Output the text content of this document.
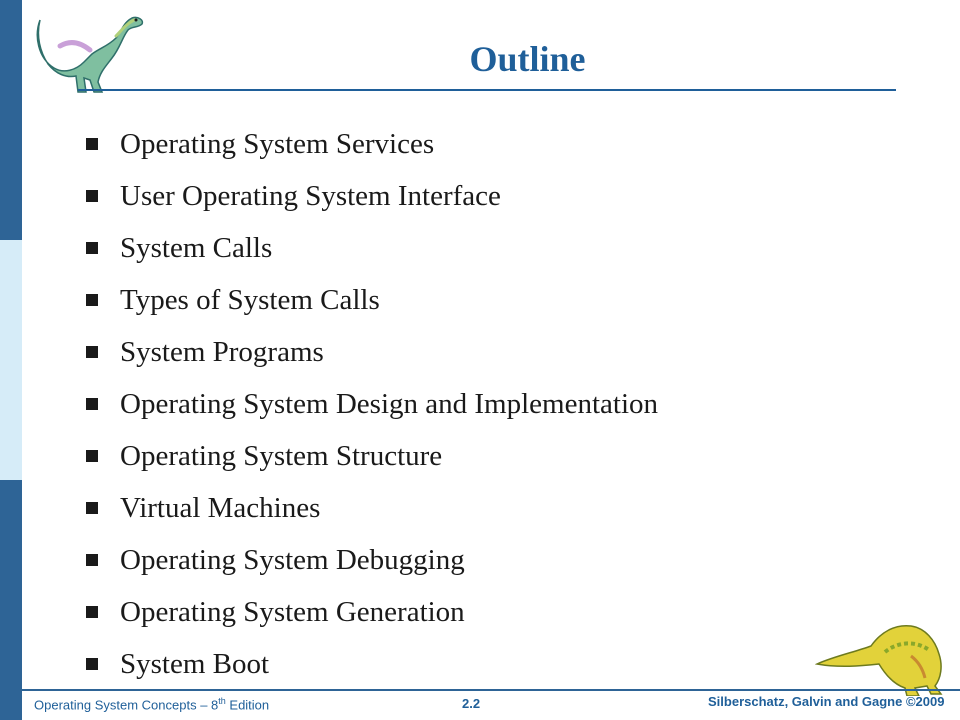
Outline
Operating System Services
User Operating System Interface
System Calls
Types of System Calls
System Programs
Operating System Design and Implementation
Operating System Structure
Virtual Machines
Operating System Debugging
Operating System Generation
System Boot

Operating System Concepts – 8th Edition	2.2	Silberschatz, Galvin and Gagne ©2009
